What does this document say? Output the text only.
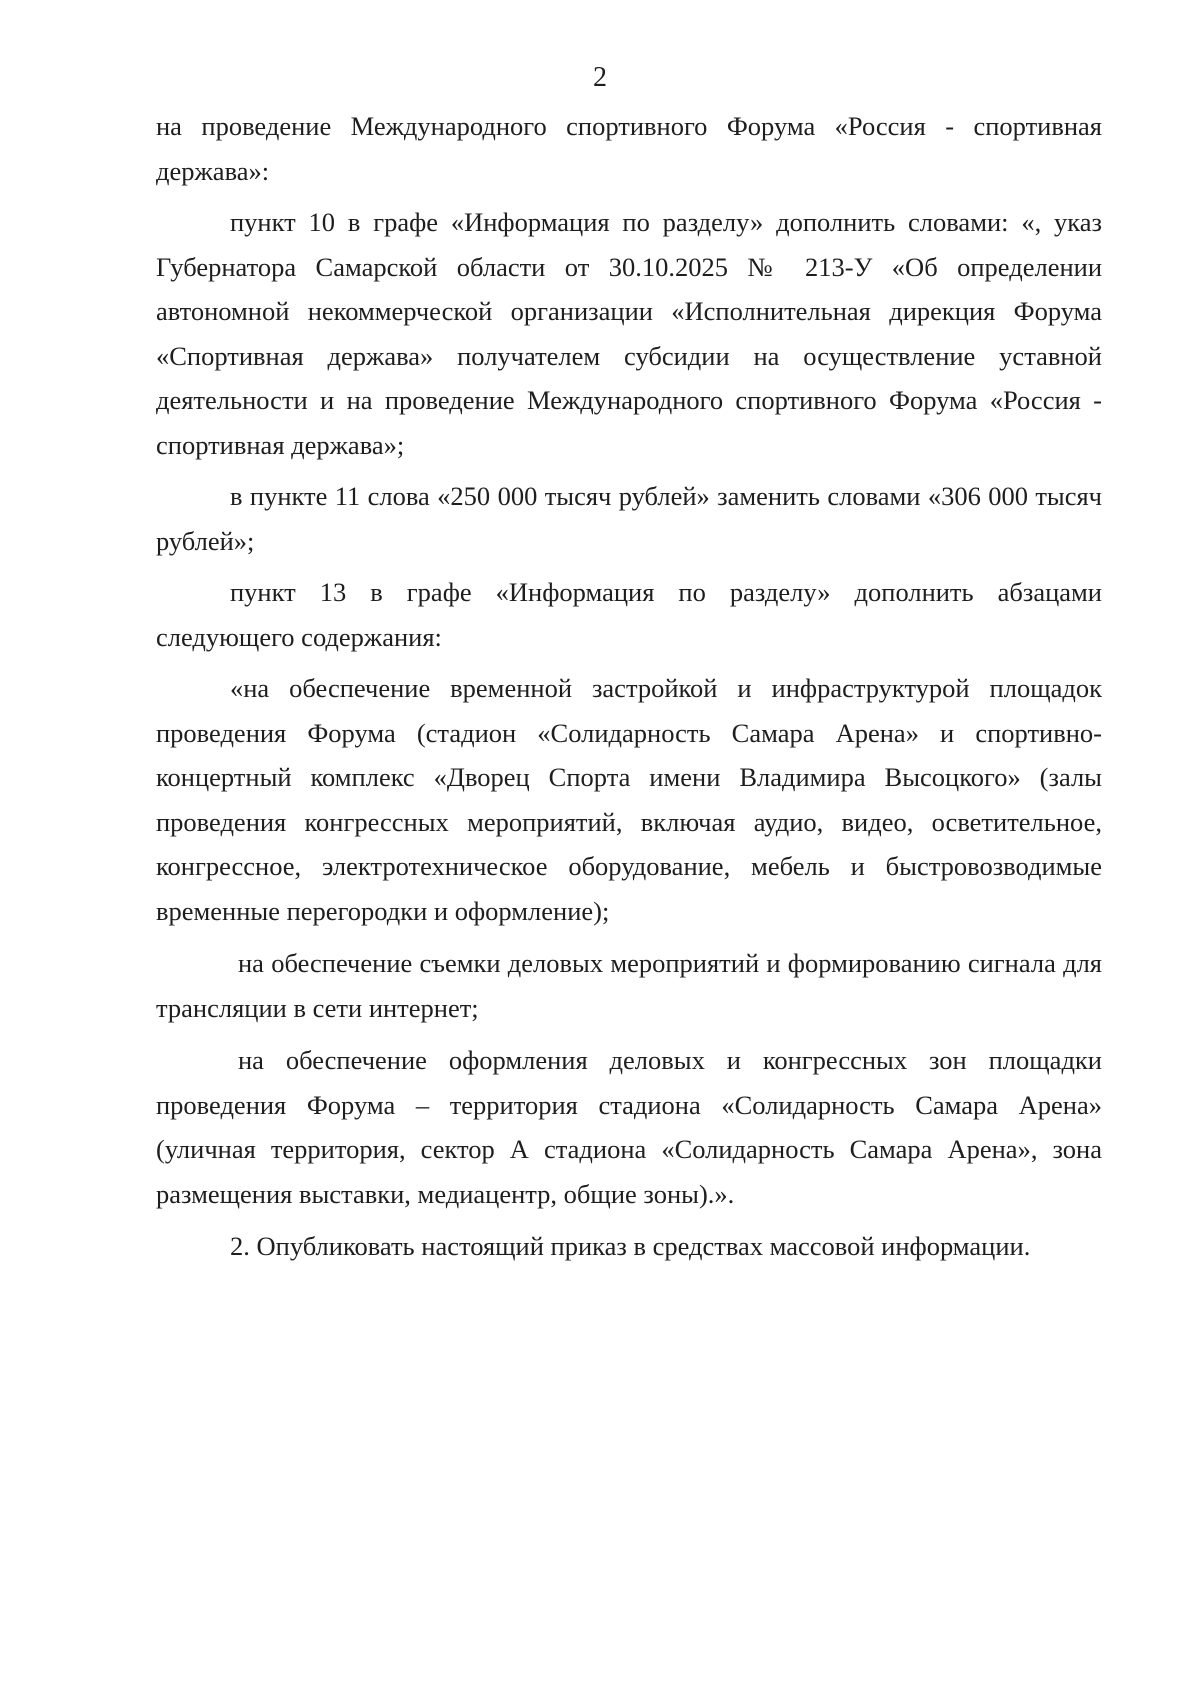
2

на проведение Международного спортивного Форума «Россия - спортивная держава»:

пункт 10 в графе «Информация по разделу» дополнить словами: «, указ Губернатора Самарской области от 30.10.2025 № 213-У «Об определении автономной некоммерческой организации «Исполнительная дирекция Форума «Спортивная держава» получателем субсидии на осуществление уставной деятельности и на проведение Международного спортивного Форума «Россия - спортивная держава»;

в пункте 11 слова «250 000 тысяч рублей» заменить словами «306 000 тысяч рублей»;

пункт 13 в графе «Информация по разделу» дополнить абзацами следующего содержания:

«на обеспечение временной застройкой и инфраструктурой площадок проведения Форума (стадион «Солидарность Самара Арена» и спортивно-концертный комплекс «Дворец Спорта имени Владимира Высоцкого» (залы проведения конгрессных мероприятий, включая аудио, видео, осветительное, конгрессное, электротехническое оборудование, мебель и быстровозводимые временные перегородки и оформление);

на обеспечение съемки деловых мероприятий и формированию сигнала для трансляции в сети интернет;

на обеспечение оформления деловых и конгрессных зон площадки проведения Форума – территория стадиона «Солидарность Самара Арена» (уличная территория, сектор А стадиона «Солидарность Самара Арена», зона размещения выставки, медиацентр, общие зоны).».

2. Опубликовать настоящий приказ в средствах массовой информации.
